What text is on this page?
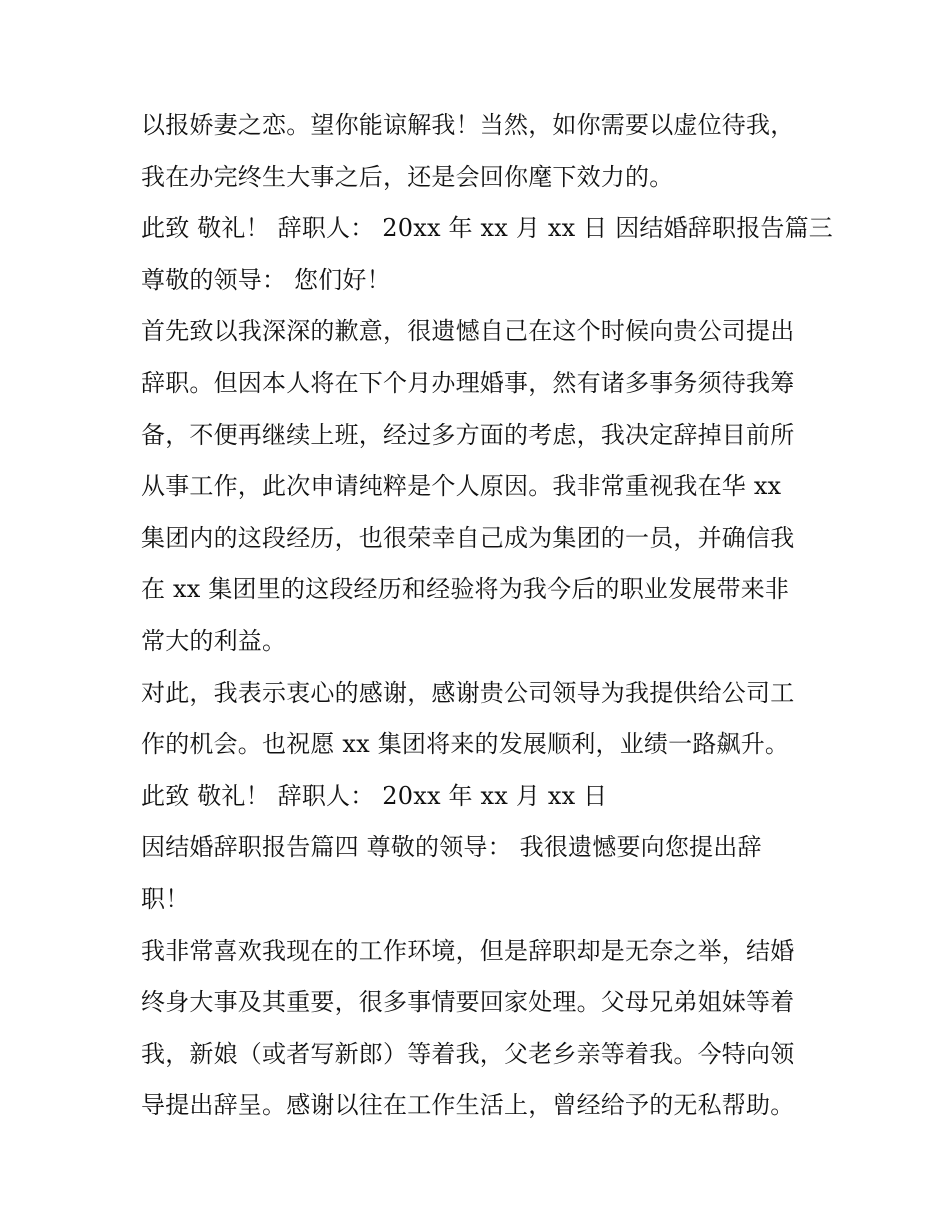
以报娇妻之恋。望你能谅解我！当然，如你需要以虚位待我，
我在办完终生大事之后，还是会回你麾下效力的。
此致 敬礼！ 辞职人： 20xx 年 xx 月 xx 日 因结婚辞职报告篇三
尊敬的领导： 您们好！
首先致以我深深的歉意，很遗憾自己在这个时候向贵公司提出
辞职。但因本人将在下个月办理婚事，然有诸多事务须待我筹
备，不便再继续上班，经过多方面的考虑，我决定辞掉目前所
从事工作，此次申请纯粹是个人原因。我非常重视我在华 xx
集团内的这段经历，也很荣幸自己成为集团的一员，并确信我
在 xx 集团里的这段经历和经验将为我今后的职业发展带来非
常大的利益。
对此，我表示衷心的感谢，感谢贵公司领导为我提供给公司工
作的机会。也祝愿 xx 集团将来的发展顺利，业绩一路飙升。
此致 敬礼！ 辞职人： 20xx 年 xx 月 xx 日
因结婚辞职报告篇四 尊敬的领导： 我很遗憾要向您提出辞
职！
我非常喜欢我现在的工作环境，但是辞职却是无奈之举，结婚
终身大事及其重要，很多事情要回家处理。父母兄弟姐妹等着
我，新娘（或者写新郎）等着我，父老乡亲等着我。今特向领
导提出辞呈。感谢以往在工作生活上，曾经给予的无私帮助。
